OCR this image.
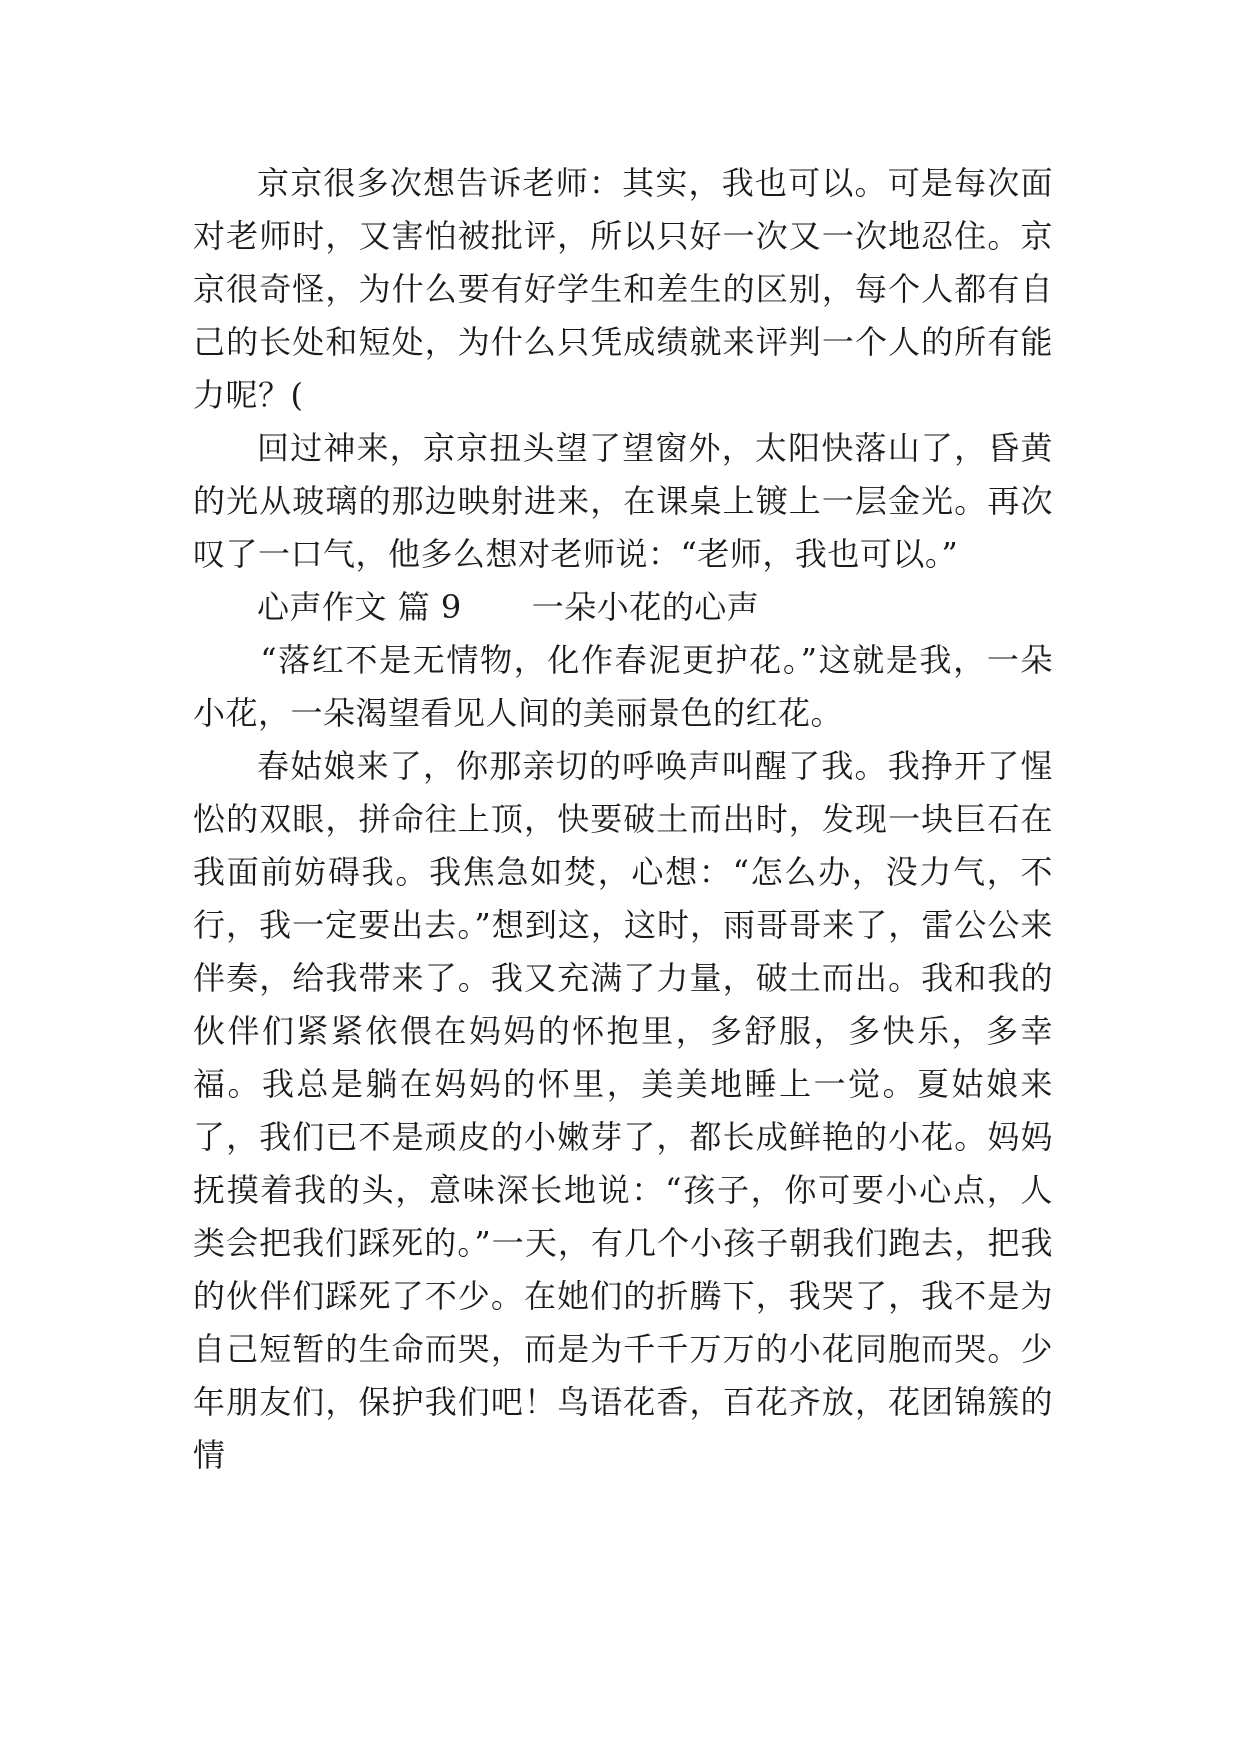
京京很多次想告诉老师：其实，我也可以。可是每次面对老师时，又害怕被批评，所以只好一次又一次地忍住。京京很奇怪，为什么要有好学生和差生的区别，每个人都有自己的长处和短处，为什么只凭成绩就来评判一个人的所有能力呢？(

回过神来，京京扭头望了望窗外，太阳快落山了，昏黄的光从玻璃的那边映射进来，在课桌上镀上一层金光。再次叹了一口气，他多么想对老师说：“老师，我也可以。”

心声作文 篇 9 一朵小花的心声

“落红不是无情物，化作春泥更护花。”这就是我，一朵小花，一朵渴望看见人间的美丽景色的红花。

春姑娘来了，你那亲切的呼唤声叫醒了我。我挣开了惺忪的双眼，拼命往上顶，快要破土而出时，发现一块巨石在我面前妨碍我。我焦急如焚，心想：“怎么办，没力气，不行，我一定要出去。”想到这，这时，雨哥哥来了，雷公公来伴奏，给我带来了。我又充满了力量，破土而出。我和我的伙伴们紧紧依偎在妈妈的怀抱里，多舒服，多快乐，多幸福。我总是躺在妈妈的怀里，美美地睡上一觉。夏姑娘来了，我们已不是顽皮的小嫩芽了，都长成鲜艳的小花。妈妈抚摸着我的头，意味深长地说：“孩子，你可要小心点，人类会把我们踩死的。”一天，有几个小孩子朝我们跑去，把我的伙伴们踩死了不少。在她们的折腾下，我哭了，我不是为自己短暂的生命而哭，而是为千千万万的小花同胞而哭。少年朋友们，保护我们吧！鸟语花香，百花齐放，花团锦簇的情
